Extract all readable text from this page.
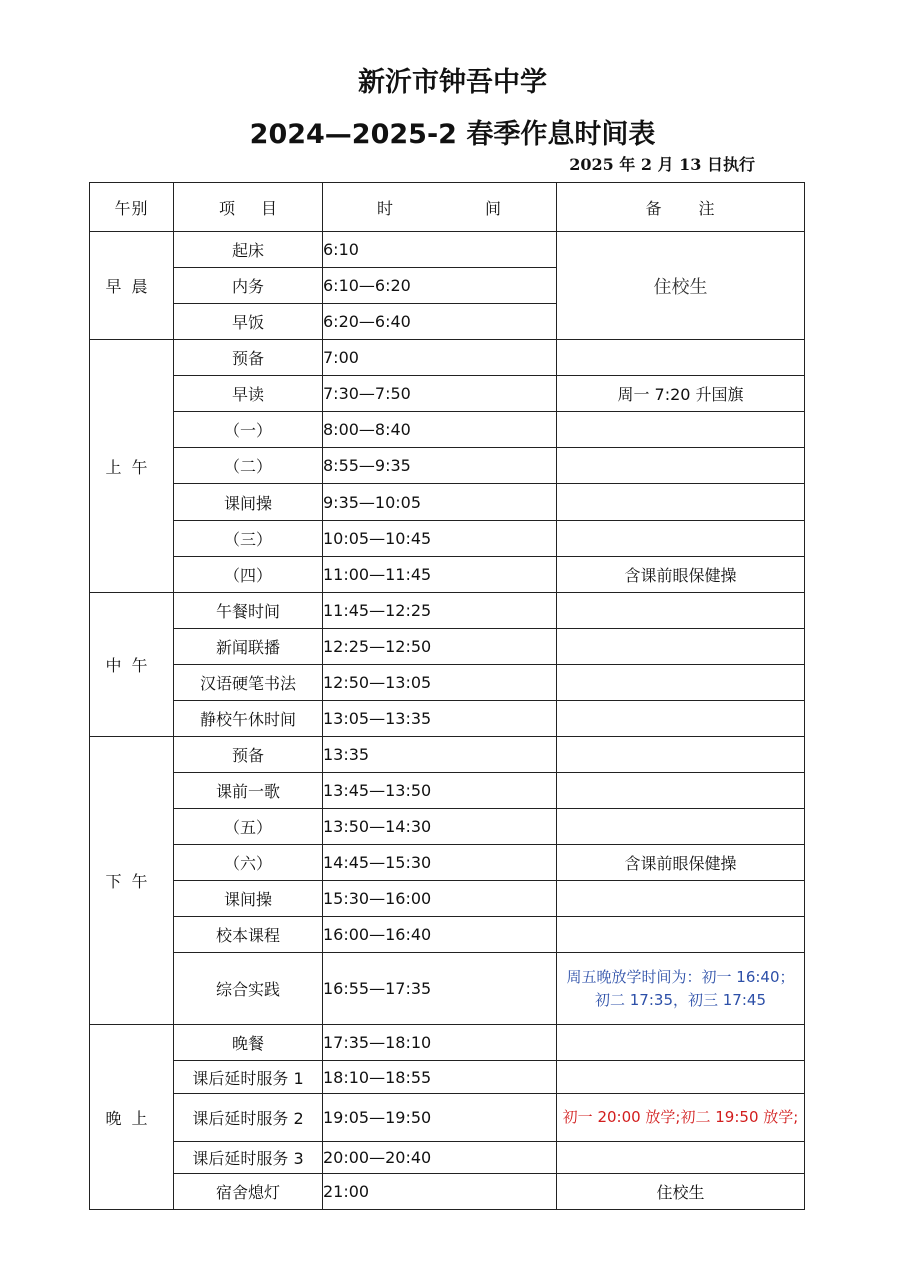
新沂市钟吾中学
2024—2025-2 春季作息时间表
2025 年 2 月 13 日执行
午别	项目	时 间	备 注

早晨	起床	6:10	住校生
	内务	6:10—6:20	
	早饭	6:20—6:40	
上午	预备	7:00	
	早读	7:30—7:50	周一 7:20 升国旗
	（一）	8:00—8:40	
	（二）	8:55—9:35	
	课间操	9:35—10:05	
	（三）	10:05—10:45	
	（四）	11:00—11:45	含课前眼保健操
中午	午餐时间	11:45—12:25	
	新闻联播	12:25—12:50	
	汉语硬笔书法	12:50—13:05	
	静校午休时间	13:05—13:35	
下午	预备	13:35	
	课前一歌	13:45—13:50	
	（五）	13:50—14:30	
	（六）	14:45—15:30	含课前眼保健操
	课间操	15:30—16:00	
	校本课程	16:00—16:40	
	综合实践	16:55—17:35	周五晚放学时间为：初一 16:40；初二 17:35，初三 17:45
晚上	晚餐	17:35—18:10	
	课后延时服务 1	18:10—18:55	
	课后延时服务 2	19:05—19:50	初一 20:00 放学;初二 19:50 放学;
	课后延时服务 3	20:00—20:40	
	宿舍熄灯	21:00	住校生
